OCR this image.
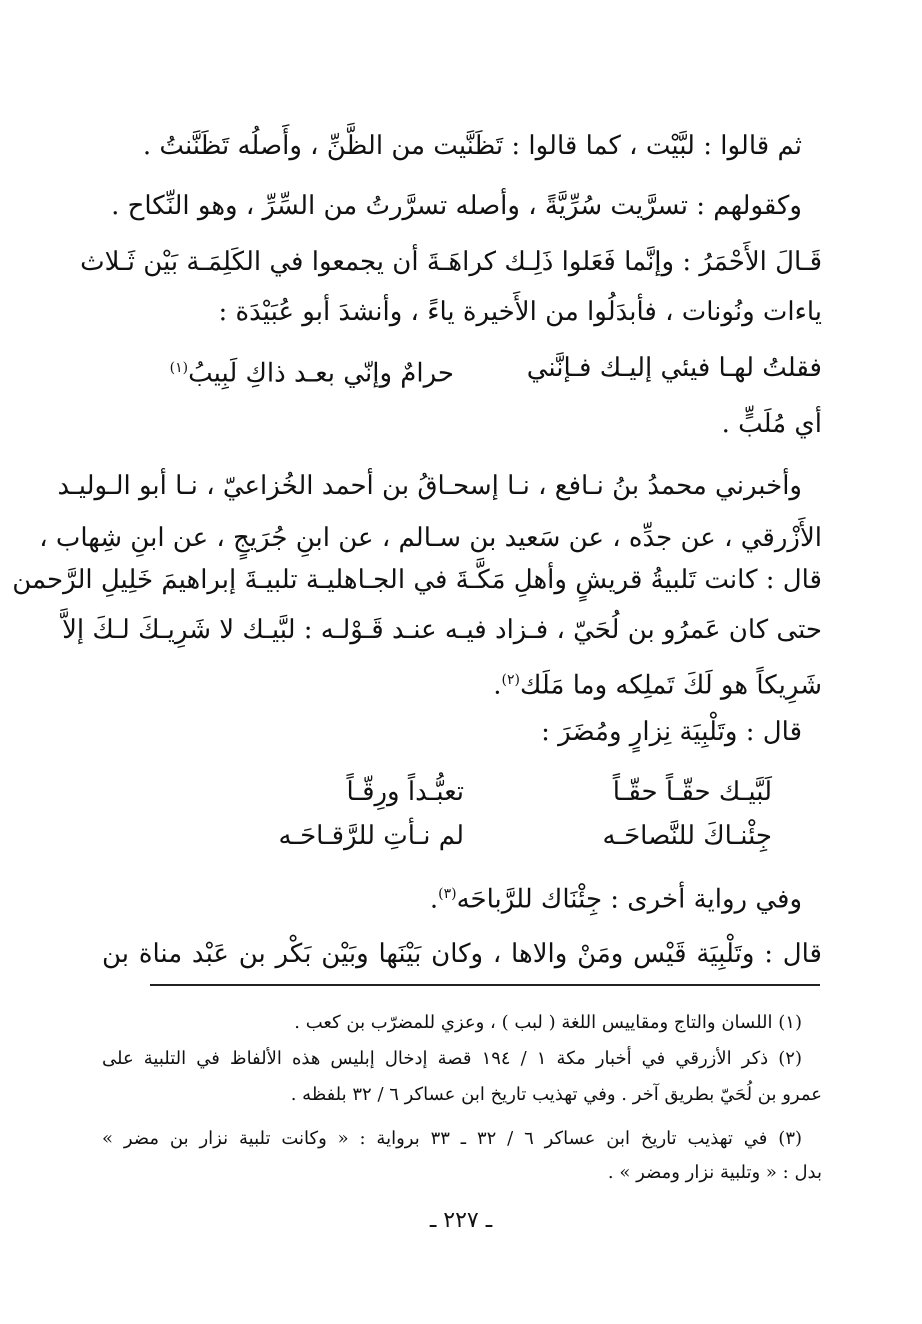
ثم قالوا : لبَّيْت ، كما قالوا : تَظَنَّيت من الظَّنِّ ، وأَصلُه تَظَنَّنتُ .
وكقولهم : تسرَّيت سُرِّيَّةً ، وأصله تسرَّرتُ من السِّرِّ ، وهو النِّكاح .
قَـالَ الأَحْمَرُ : وإنَّما فَعَلوا ذَلِـك كراهَـةَ أن يجمعوا في الكَلِمَـة بَيْن ثَـلاث
ياءات ونُونات ، فأبدَلُوا من الأَخيرة ياءً ، وأنشدَ أبو عُبَيْدَة :
فقلتُ لهـا فيئي إليـك فـإنَّني
حرامٌ وإنّي بعـد ذاكِ لَبِيبُ$^{(١)}$
أي مُلَبٍّ .
وأخبرني محمدُ بنُ نـافع ، نـا إسحـاقُ بن أحمد الخُزاعيّ ، نـا أبو الـوليـد
الأَزْرقي ، عن جدِّه ، عن سَعيد بن سـالم ، عن ابنِ جُرَيجٍ ، عن ابنِ شِهاب ،
قال : كانت تَلبيةُ قريشٍ وأهلِ مَكَّـةَ في الجـاهليـة تلبيـةَ إبراهيمَ خَلِيلِ الرَّحمن
حتى كان عَمرُو بن لُحَيّ ، فـزاد فيـه عنـد قَـوْلـه : لبَّيـك لا شَرِيـكَ لـكَ إلاَّ
شَرِيكاً هو لَكَ تَملِكه وما مَلَك$^{(٢)}$.
قال : وتَلْبِيَة نِزارٍ ومُضَرَ :
لَبَّيـك حقّـاً حقّـاً
تعبُّـداً ورِقّـاً
جِئْنـاكَ للنَّصاحَـه
لم نـأتِ للرَّقـاحَـه
وفي رواية أخرى : جِئْنَاك للرَّباحَه$^{(٣)}$.
قال : وتَلْبِيَة قَيْس ومَنْ والاها ، وكان بَيْنَها وبَيْن بَكْر بن عَبْد مناة بن
(١) اللسان والتاج ومقاييس اللغة ( لبب ) ، وعزي للمضرّب بن كعب .
(٢) ذكر الأزرقي في أخبار مكة ١ / ١٩٤ قصة إدخال إبليس هذه الألفاظ في التلبية على
عمرو بن لُحَيّ بطريق آخر . وفي تهذيب تاريخ ابن عساكر ٦ / ٣٢ بلفظه .
(٣) في تهذيب تاريخ ابن عساكر ٦ / ٣٢ ـ ٣٣ برواية : « وكانت تلبية نزار بن مضر »
بدل : « وتلبية نزار ومضر » .
ـ ٢٢٧ ـ
